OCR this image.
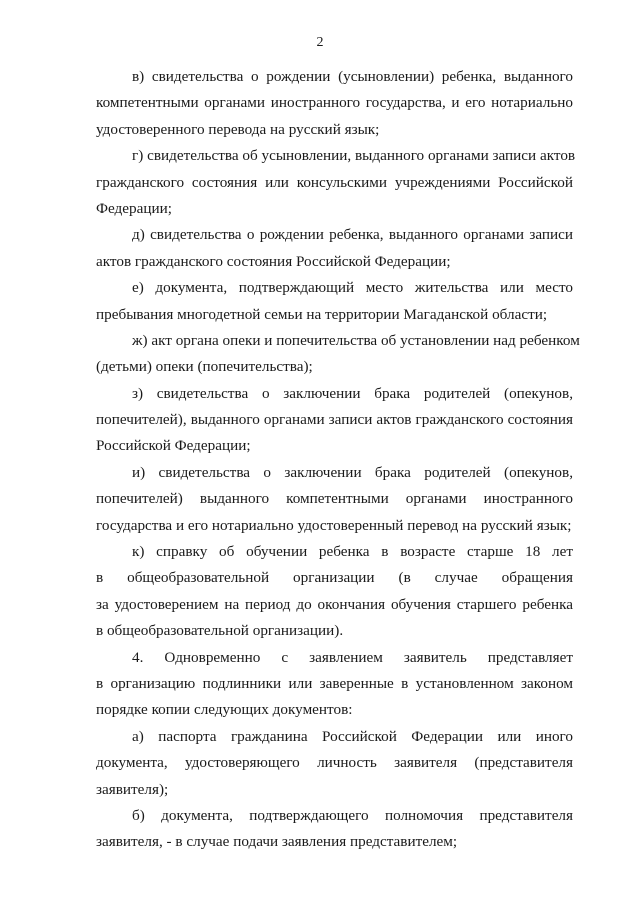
2
в) свидетельства о рождении (усыновлении) ребенка, выданного
компетентными органами иностранного государства, и его нотариально
удостоверенного перевода на русский язык;
г) свидетельства об усыновлении, выданного органами записи актов
гражданского состояния или консульскими учреждениями Российской
Федерации;
д) свидетельства о рождении ребенка, выданного органами записи
актов гражданского состояния Российской Федерации;
е) документа, подтверждающий место жительства или место
пребывания многодетной семьи на территории Магаданской области;
ж) акт органа опеки и попечительства об установлении над ребенком
(детьми) опеки (попечительства);
з) свидетельства о заключении брака родителей (опекунов,
попечителей), выданного органами записи актов гражданского состояния
Российской Федерации;
и) свидетельства о заключении брака родителей (опекунов,
попечителей) выданного компетентными органами иностранного
государства и его нотариально удостоверенный перевод на русский язык;
к) справку об обучении ребенка в возрасте старше 18 лет
в общеобразовательной организации (в случае обращения
за удостоверением на период до окончания обучения старшего ребенка
в общеобразовательной организации).
4. Одновременно с заявлением заявитель представляет
в организацию подлинники или заверенные в установленном законом
порядке копии следующих документов:
а) паспорта гражданина Российской Федерации или иного
документа, удостоверяющего личность заявителя (представителя
заявителя);
б) документа, подтверждающего полномочия представителя
заявителя, - в случае подачи заявления представителем;
